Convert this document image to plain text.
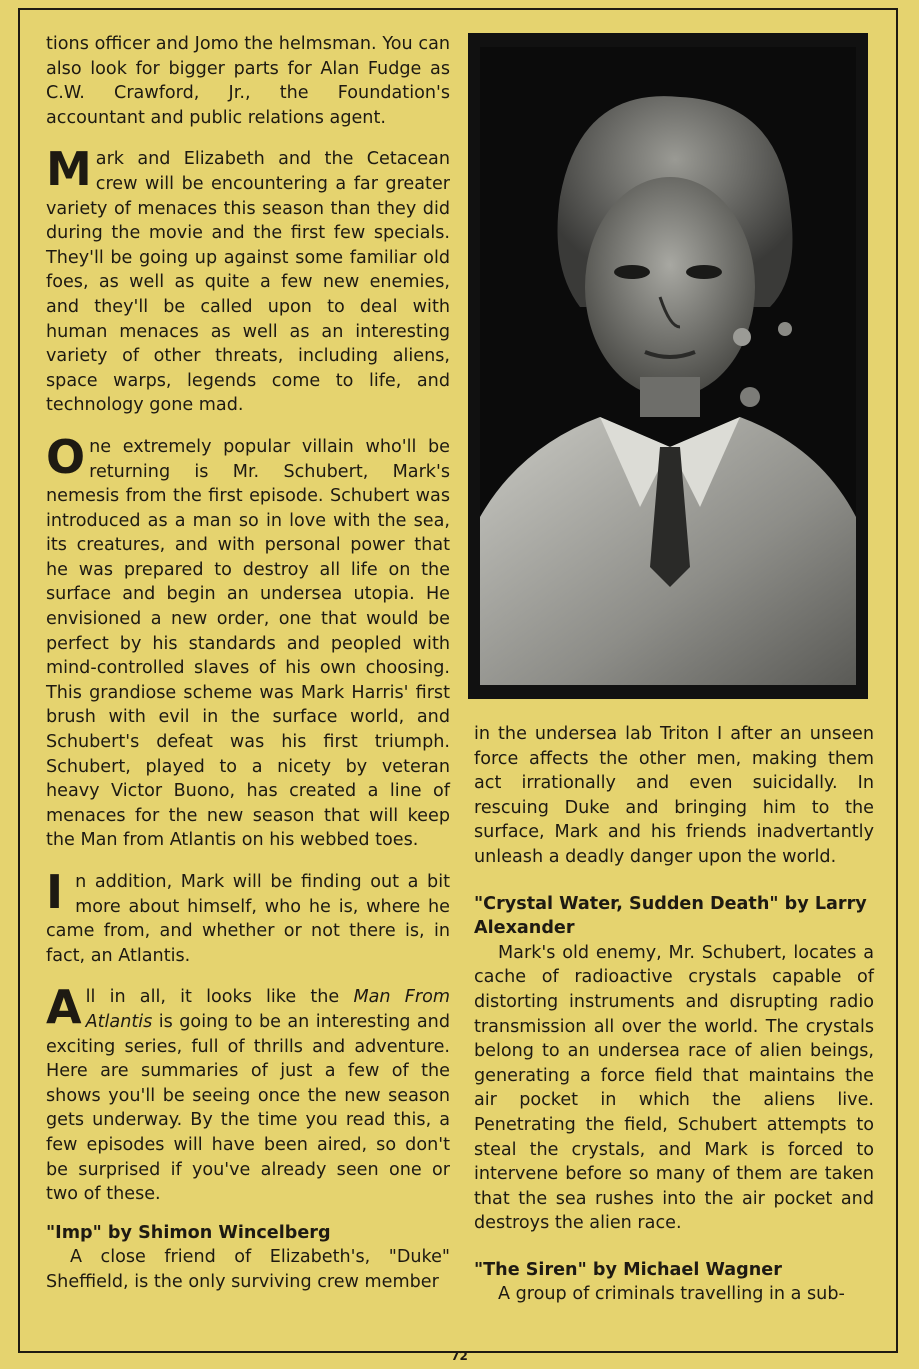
tions officer and Jomo the helmsman. You can also look for bigger parts for Alan Fudge as C.W. Crawford, Jr., the Foundation's accountant and public relations agent.

Mark and Elizabeth and the Cetacean crew will be encountering a far greater variety of menaces this season than they did during the movie and the first few specials. They'll be going up against some familiar old foes, as well as quite a few new enemies, and they'll be called upon to deal with human menaces as well as an interesting variety of other threats, including aliens, space warps, legends come to life, and technology gone mad.

One extremely popular villain who'll be returning is Mr. Schubert, Mark's nemesis from the first episode. Schubert was introduced as a man so in love with the sea, its creatures, and with personal power that he was prepared to destroy all life on the surface and begin an undersea utopia. He envisioned a new order, one that would be perfect by his standards and peopled with mind-controlled slaves of his own choosing. This grandiose scheme was Mark Harris' first brush with evil in the surface world, and Schubert's defeat was his first triumph. Schubert, played to a nicety by veteran heavy Victor Buono, has created a line of menaces for the new season that will keep the Man from Atlantis on his webbed toes.

In addition, Mark will be finding out a bit more about himself, who he is, where he came from, and whether or not there is, in fact, an Atlantis.

All in all, it looks like the Man From Atlantis is going to be an interesting and exciting series, full of thrills and adventure. Here are summaries of just a few of the shows you'll be seeing once the new season gets underway. By the time you read this, a few episodes will have been aired, so don't be surprised if you've already seen one or two of these.

"Imp" by Shimon Wincelberg

A close friend of Elizabeth's, "Duke" Sheffield, is the only surviving crew member

in the undersea lab Triton I after an unseen force affects the other men, making them act irrationally and even suicidally. In rescuing Duke and bringing him to the surface, Mark and his friends inadvertantly unleash a deadly danger upon the world.

"Crystal Water, Sudden Death" by Larry Alexander

Mark's old enemy, Mr. Schubert, locates a cache of radioactive crystals capable of distorting instruments and disrupting radio transmission all over the world. The crystals belong to an undersea race of alien beings, generating a force field that maintains the air pocket in which the aliens live. Penetrating the field, Schubert attempts to steal the crystals, and Mark is forced to intervene before so many of them are taken that the sea rushes into the air pocket and destroys the alien race.

"The Siren" by Michael Wagner

A group of criminals travelling in a sub-

72
